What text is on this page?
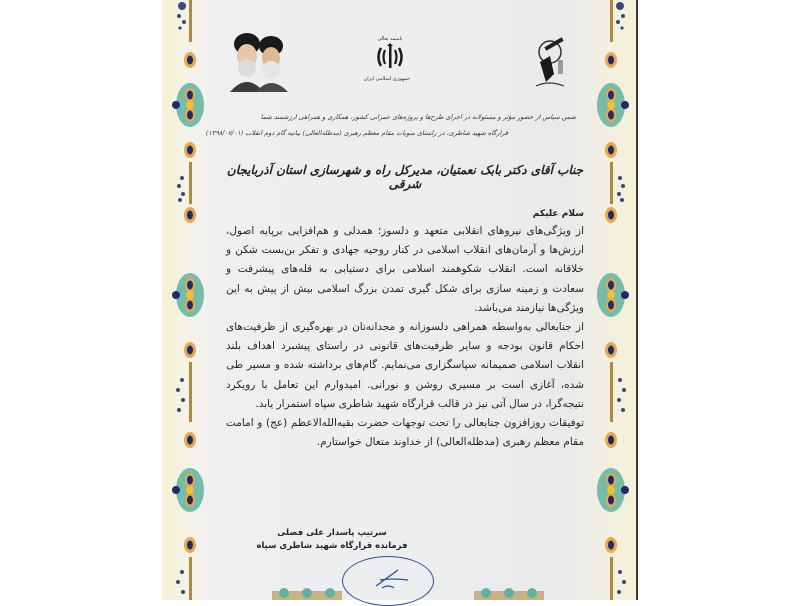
باسمه تعالی
جمهوری اسلامی ایران
ضمن سپاس از حضور مؤثر و مسئولانه در اجرای طرح‌ها و پروژه‌های عمرانی کشور، همکاری و همراهی ارزشمند شما
قرارگاه شهید شاطری، در راستای منویات مقام معظم رهبری (مدظله‌العالی) بیانیه گام دوم انقلاب (۱۳۹۸/۰۷/۰۱)
جناب آقای دکتر بابک نعمتیان، مدیرکل راه و شهرسازی استان آذربایجان شرقی
سلام علیکم

از ویژگی‌های نیروهای انقلابی متعهد و دلسوز؛ همدلی و هم‌افزایی برپایه اصول، ارزش‌ها و آرمان‌های انقلاب اسلامی در کنار روحیه جهادی و تفکر بن‌بست شکن و خلاقانه است. انقلاب شکوهمند اسلامی برای دستیابی به قله‌های پیشرفت و سعادت و زمینه سازی برای شکل گیری تمدن بزرگ اسلامی بیش از پیش به این ویژگی‌ها نیازمند می‌باشد.

از جنابعالی به‌واسطه همراهی دلسوزانه و مجدانه‌تان در بهره‌گیری از ظرفیت‌های احکام قانون بودجه و سایر ظرفیت‌های قانونی در راستای پیشبرد اهداف بلند انقلاب اسلامی صمیمانه سپاسگزاری می‌نمایم. گام‌های برداشته شده و مسیر طی شده، آغازی است بر مسیری روشن و نورانی. امیدوارم این تعامل با رویکرد نتیجه‌گرا، در سال آتی نیز در قالب قرارگاه شهید شاطری سپاه استمرار یابد.

توفیقات روزافزون جنابعالی را تحت توجهات حضرت بقیه‌الله‌الاعظم (عج) و امامت مقام معظم رهبری (مدظله‌العالی) از خداوند متعال خواستارم.

سرتیپ پاسدار علی فضلی
فرمانده قرارگاه شهید شاطری سپاه
